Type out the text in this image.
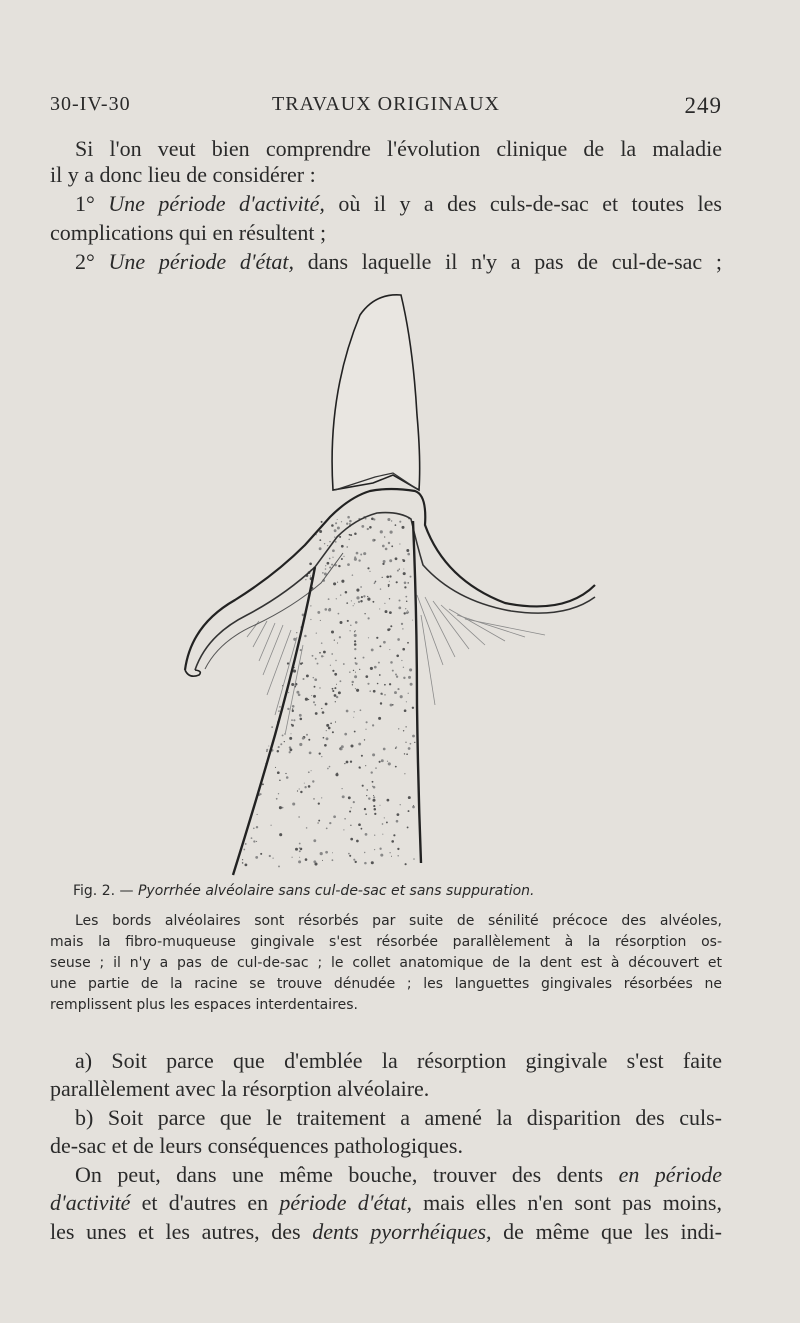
30-IV-30	TRAVAUX ORIGINAUX	249
Si l'on veut bien comprendre l'évolution clinique de la maladie
il y a donc lieu de considérer :
1° Une période d'activité, où il y a des culs-de-sac et toutes les
complications qui en résultent ;
2° Une période d'état, dans laquelle il n'y a pas de cul-de-sac ;
Fig. 2. — Pyorrhée alvéolaire sans cul-de-sac et sans suppuration.
Les bords alvéolaires sont résorbés par suite de sénilité précoce des alvéoles,
mais la fibro-muqueuse gingivale s'est résorbée parallèlement à la résorption os-
seuse ; il n'y a pas de cul-de-sac ; le collet anatomique de la dent est à découvert et
une partie de la racine se trouve dénudée ; les languettes gingivales résorbées ne
remplissent plus les espaces interdentaires.
a) Soit parce que d'emblée la résorption gingivale s'est faite
parallèlement avec la résorption alvéolaire.
b) Soit parce que le traitement a amené la disparition des culs-
de-sac et de leurs conséquences pathologiques.
On peut, dans une même bouche, trouver des dents en période
d'activité et d'autres en période d'état, mais elles n'en sont pas moins,
les unes et les autres, des dents pyorrhéiques, de même que les indi-
